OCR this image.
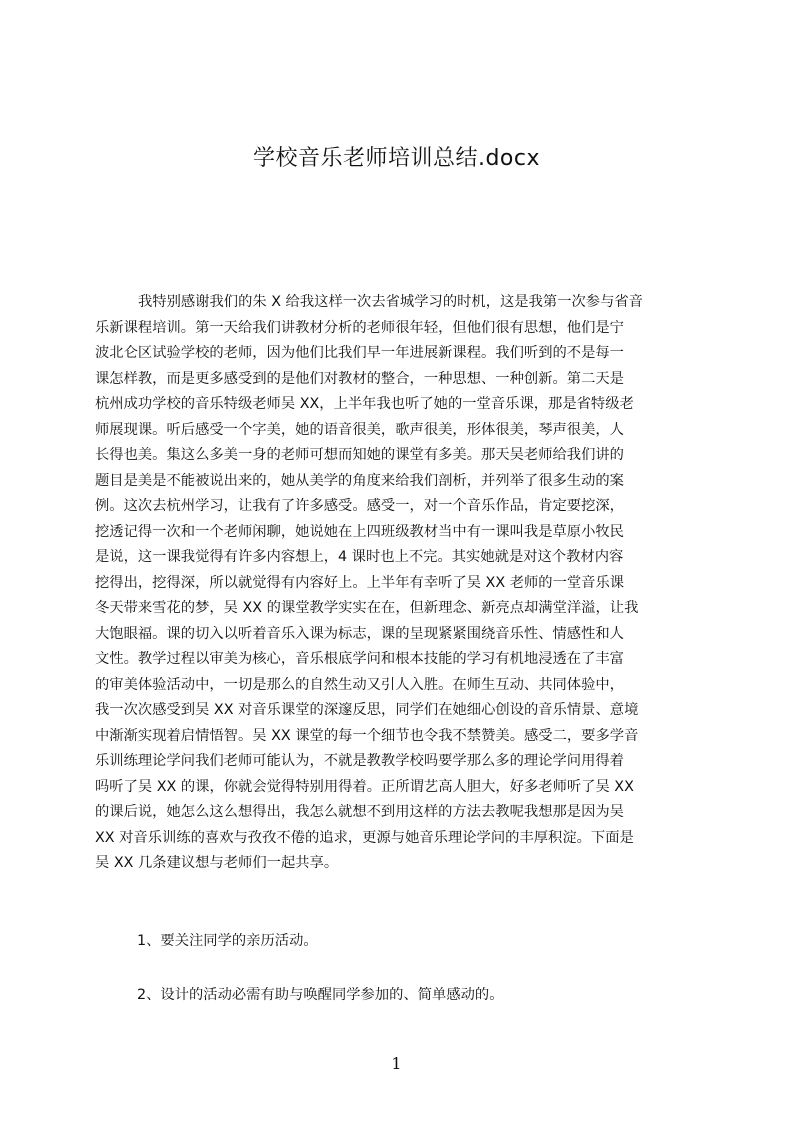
学校音乐老师培训总结.docx
我特别感谢我们的朱 X 给我这样一次去省城学习的时机，这是我第一次参与省音
乐新课程培训。第一天给我们讲教材分析的老师很年轻，但他们很有思想，他们是宁
波北仑区试验学校的老师，因为他们比我们早一年进展新课程。我们听到的不是每一
课怎样教，而是更多感受到的是他们对教材的整合，一种思想、一种创新。第二天是
杭州成功学校的音乐特级老师吴 XX，上半年我也听了她的一堂音乐课，那是省特级老
师展现课。听后感受一个字美，她的语音很美，歌声很美，形体很美，琴声很美，人
长得也美。集这么多美一身的老师可想而知她的课堂有多美。那天吴老师给我们讲的
题目是美是不能被说出来的，她从美学的角度来给我们剖析，并列举了很多生动的案
例。这次去杭州学习，让我有了许多感受。感受一，对一个音乐作品，肯定要挖深，
挖透记得一次和一个老师闲聊，她说她在上四班级教材当中有一课叫我是草原小牧民
是说，这一课我觉得有许多内容想上，4 课时也上不完。其实她就是对这个教材内容
挖得出，挖得深，所以就觉得有内容好上。上半年有幸听了吴 XX 老师的一堂音乐课
冬天带来雪花的梦，吴 XX 的课堂教学实实在在，但新理念、新亮点却满堂洋溢，让我
大饱眼福。课的切入以听着音乐入课为标志，课的呈现紧紧围绕音乐性、情感性和人
文性。教学过程以审美为核心，音乐根底学问和根本技能的学习有机地浸透在了丰富
的审美体验活动中，一切是那么的自然生动又引人入胜。在师生互动、共同体验中，
我一次次感受到吴 XX 对音乐课堂的深邃反思，同学们在她细心创设的音乐情景、意境
中渐渐实现着启情悟智。吴 XX 课堂的每一个细节也令我不禁赞美。感受二，要多学音
乐训练理论学问我们老师可能认为，不就是教教学校吗要学那么多的理论学问用得着
吗听了吴 XX 的课，你就会觉得特别用得着。正所谓艺高人胆大，好多老师听了吴 XX
的课后说，她怎么这么想得出，我怎么就想不到用这样的方法去教呢我想那是因为吴
XX 对音乐训练的喜欢与孜孜不倦的追求，更源与她音乐理论学问的丰厚积淀。下面是
吴 XX 几条建议想与老师们一起共享。
1、要关注同学的亲历活动。
2、设计的活动必需有助与唤醒同学参加的、简单感动的。
1
